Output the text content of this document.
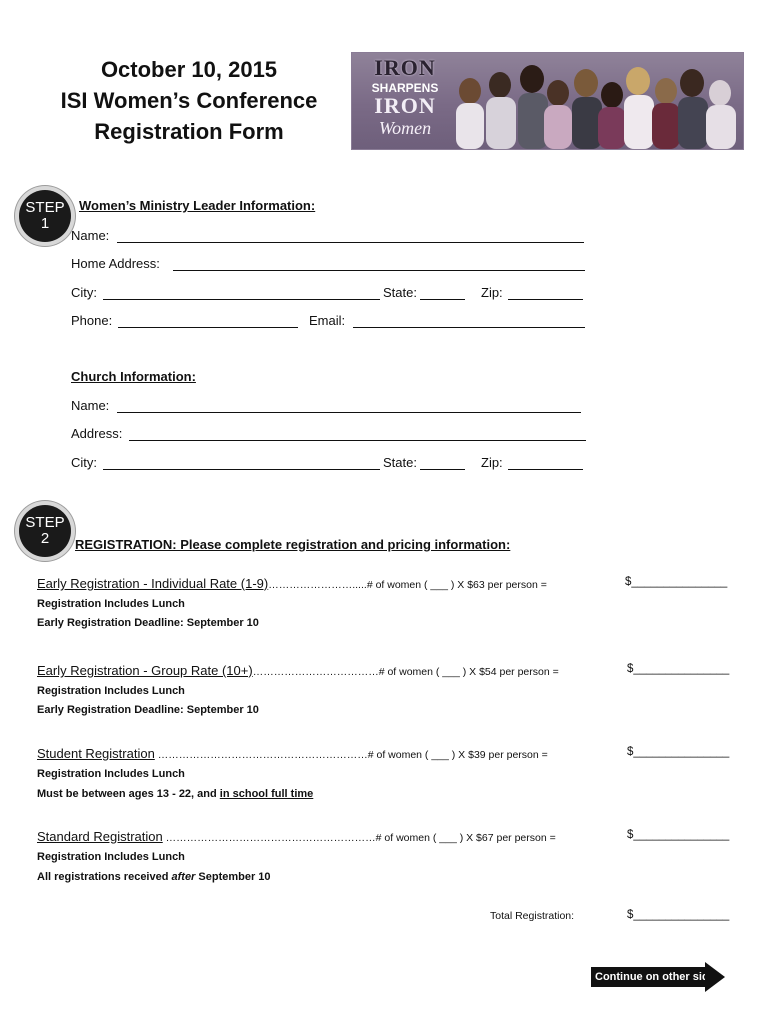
October 10, 2015
ISI Women’s Conference
Registration Form
IRON
SHARPENS
IRON
Women
STEP
1
Women’s Ministry Leader Information:
Name:
Home Address:
City:	State:	Zip:
Phone:	Email:
Church Information:
Name:
Address:
City:	State:	Zip:
STEP
2	REGISTRATION: Please complete registration and pricing information:
Early Registration - Individual Rate (1-9)…………………….....# of women ( ___ ) X $63 per person =	$_______________
Registration Includes Lunch
Early Registration Deadline: September 10
Early Registration - Group Rate (10+)………………………………# of women ( ___ ) X $54 per person =	$_______________
Registration Includes Lunch
Early Registration Deadline: September 10
Student Registration ……………………………………………………# of women ( ___ ) X $39 per person =	$_______________
Registration Includes Lunch
Must be between ages 13 - 22, and in school full time
Standard Registration ……………………………………………………# of women ( ___ ) X $67 per person =	$_______________
Registration Includes Lunch
All registrations received after September 10
Total Registration:	$_______________
Continue on other side
